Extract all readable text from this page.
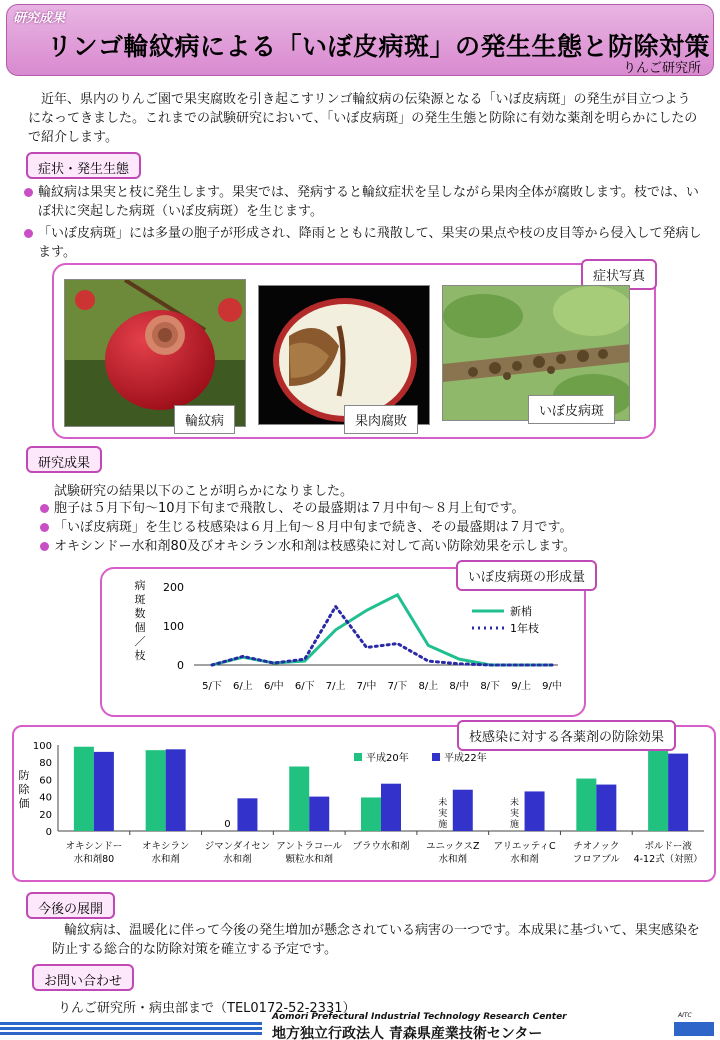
研究成果
リンゴ輪紋病による「いぼ皮病斑」の発生生態と防除対策
りんご研究所
　近年、県内のりんご園で果実腐敗を引き起こすリンゴ輪紋病の伝染源となる「いぼ皮病斑」の発生が目立つようになってきました。これまでの試験研究において、「いぼ皮病斑」の発生生態と防除に有効な薬剤を明らかにしたので紹介します。
症状・発生生態
輪紋病は果実と枝に発生します。果実では、発病すると輪紋症状を呈しながら果肉全体が腐敗します。枝では、いぼ状に突起した病斑（いぼ皮病斑）を生じます。
「いぼ皮病斑」には多量の胞子が形成され、降雨とともに飛散して、果実の果点や枝の皮目等から侵入して発病します。
症状写真
輪紋病	果肉腐敗
いぼ皮病斑
研究成果
試験研究の結果以下のことが明らかになりました。
胞子は５月下旬〜10月下旬まで飛散し、その最盛期は７月中旬〜８月上旬です。
「いぼ皮病斑」を生じる枝感染は６月上旬〜８月中旬まで続き、その最盛期は７月です。
オキシンドー水和剤80及びオキシラン水和剤は枝感染に対して高い防除効果を示します。
病
斑
数
個
／
枝
0
100
200
5/下 6/上 6/中 6/下 7/上 7/中 7/下 8/上 8/中 8/下 9/上 9/中
新梢
1年枝
いぼ皮病斑の形成量
防
除
価
0
20
40
60
80
100
オキシンドー
水和剤80
オキシラン
水和剤
ジマンダイセン
水和剤
アントラコール
顆粒水和剤
ブラウ水和剤 ユニックスZ
水和剤
アリエッティC
水和剤
チオノック
フロアブル
ボルドー液
4-12式（対照）
0
未
実
施
未
実
施
平成20年	平成22年
枝感染に対する各薬剤の防除効果
今後の展開
輪紋病は、温暖化に伴って今後の発生増加が懸念されている病害の一つです。本成果に基づいて、果実感染を防止する総合的な防除対策を確立する予定です。
お問い合わせ
りんご研究所・病虫部まで（TEL0172-52-2331）
Aomori Prefectural Industrial Technology Research Center
地方独立行政法人 青森県産業技術センター
AITC
